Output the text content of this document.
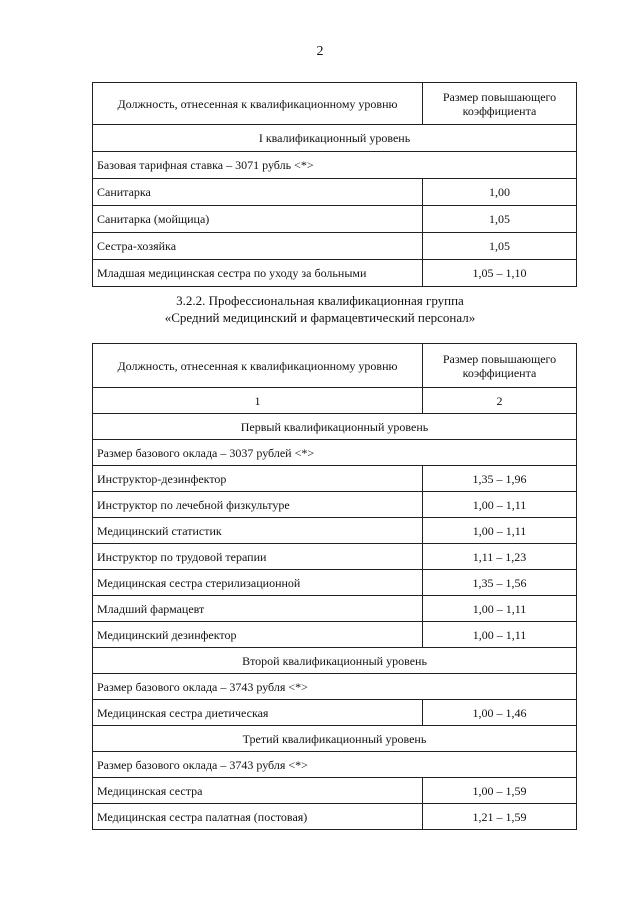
2
Должность, отнесенная к квалификационному уровню	Размер повышающего коэффициента
I квалификационный уровень	
Базовая тарифная ставка – 3071 рубль <*>	
Санитарка	1,00
Санитарка (мойщица)	1,05
Сестра-хозяйка	1,05
Младшая медицинская сестра по уходу за больными	1,05 – 1,10
3.2.2. Профессиональная квалификационная группа
«Средний медицинский и фармацевтический персонал»
Должность, отнесенная к квалификационному уровню	Размер повышающего коэффициента
1	2
Первый квалификационный уровень	
Размер базового оклада – 3037 рублей <*>	
Инструктор-дезинфектор	1,35 – 1,96
Инструктор по лечебной физкультуре	1,00 – 1,11
Медицинский статистик	1,00 – 1,11
Инструктор по трудовой терапии	1,11 – 1,23
Медицинская сестра стерилизационной	1,35 – 1,56
Младший фармацевт	1,00 – 1,11
Медицинский дезинфектор	1,00 – 1,11
Второй квалификационный уровень	
Размер базового оклада – 3743 рубля <*>	
Медицинская сестра диетическая	1,00 – 1,46
Третий квалификационный уровень	
Размер базового оклада – 3743 рубля <*>	
Медицинская сестра	1,00 – 1,59
Медицинская сестра палатная (постовая)	1,21 – 1,59
